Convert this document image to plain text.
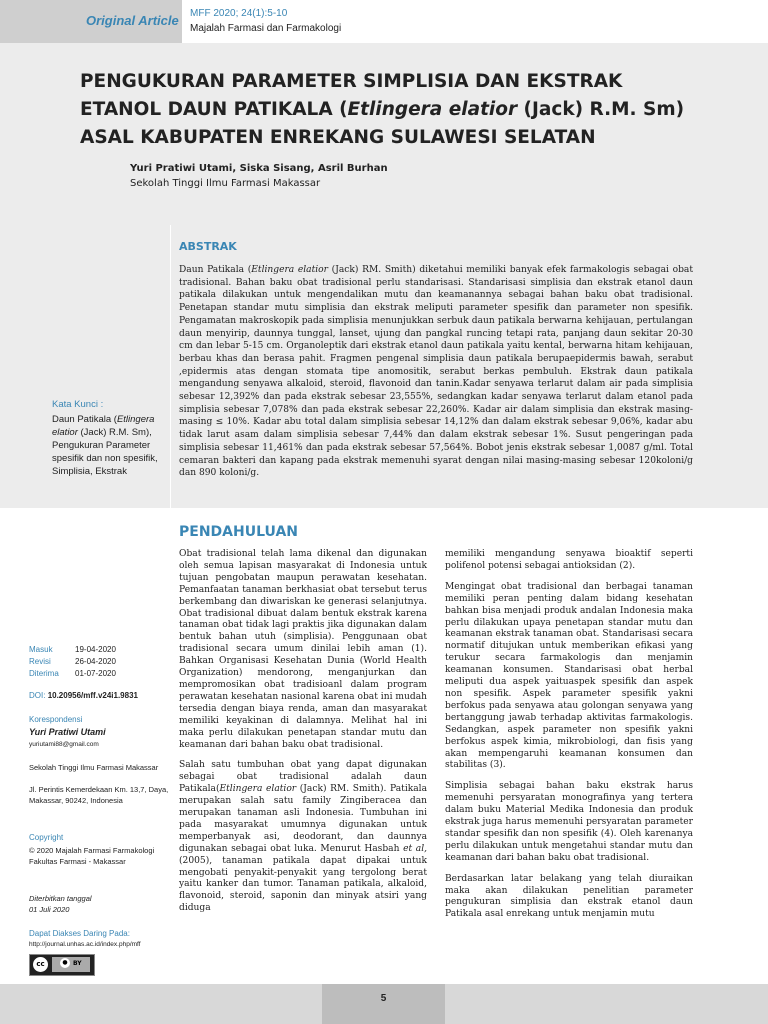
Original Article MFF 2020; 24(1):5-10
Majalah Farmasi dan Farmakologi
PENGUKURAN PARAMETER SIMPLISIA DAN EKSTRAK
ETANOL DAUN PATIKALA (Etlingera elatior (Jack) R.M. Sm)
ASAL KABUPATEN ENREKANG SULAWESI SELATAN
Yuri Pratiwi Utami, Siska Sisang, Asril Burhan
Sekolah Tinggi Ilmu Farmasi Makassar
ABSTRAK
Daun Patikala (Etlingera elatior (Jack) RM. Smith) diketahui memiliki banyak efek farmakologis sebagai obat tradisional. Bahan baku obat tradisional perlu standarisasi. Standarisasi simplisia dan ekstrak etanol daun patikala dilakukan untuk mengendalikan mutu dan keamanannya sebagai bahan baku obat tradisional. Penetapan standar mutu simplisia dan ekstrak meliputi parameter spesifik dan parameter non spesifik. Pengamatan makroskopik pada simplisia menunjukkan serbuk daun patikala berwarna kehijauan, pertulangan daun menyirip, daunnya tunggal, lanset, ujung dan pangkal runcing tetapi rata, panjang daun sekitar 20-30 cm dan lebar 5-15 cm. Organoleptik dari ekstrak etanol daun patikala yaitu kental, berwarna hitam kehijauan, berbau khas dan berasa pahit. Fragmen pengenal simplisia daun patikala berupaepidermis bawah, serabut ,epidermis atas dengan stomata tipe anomositik, serabut berkas pembuluh. Ekstrak daun patikala mengandung senyawa alkaloid, steroid, flavonoid dan tanin.Kadar senyawa terlarut dalam air pada simplisia sebesar 12,392% dan pada ekstrak sebesar 23,555%, sedangkan kadar senyawa terlarut dalam etanol pada simplisia sebesar 7,078% dan pada ekstrak sebesar 22,260%. Kadar air dalam simplisia dan ekstrak masing-masing ≤ 10%. Kadar abu total dalam simplisia sebesar 14,12% dan dalam ekstrak sebesar 9,06%, kadar abu tidak larut asam dalam simplisia sebesar 7,44% dan dalam ekstrak sebesar 1%. Susut pengeringan pada simplisia sebesar 11,461% dan pada ekstrak sebesar 57,564%. Bobot jenis ekstrak sebesar 1,0087 g/ml. Total cemaran bakteri dan kapang pada ekstrak memenuhi syarat dengan nilai masing-masing sebesar 120koloni/g dan 890 koloni/g.
Kata Kunci :
Daun Patikala (Etlingera elatior (Jack) R.M. Sm), Pengukuran Parameter spesifik dan non spesifik, Simplisia, Ekstrak
Masuk	19-04-2020
Revisi	26-04-2020
Diterima 01-07-2020
DOI: 10.20956/mff.v24i1.9831
Korespondensi
Yuri Pratiwi Utami
yuriutami88@gmail.com
Sekolah Tinggi Ilmu Farmasi Makassar
Jl. Perintis Kemerdekaan Km. 13,7, Daya, Makassar, 90242, Indonesia
Copyright
© 2020 Majalah Farmasi Farmakologi Fakultas Farmasi - Makassar
Diterbitkan tanggal
01 Juli 2020
Dapat Diakses Daring Pada:
http://journal.unhas.ac.id/index.php/mff
cc	● BY
PENDAHULUAN

Obat tradisional telah lama dikenal dan digunakan oleh semua lapisan masyarakat di Indonesia untuk tujuan pengobatan maupun perawatan kesehatan. Pemanfaatan tanaman berkhasiat obat tersebut terus berkembang dan diwariskan ke generasi selanjutnya. Obat tradisional dibuat dalam bentuk ekstrak karena tanaman obat tidak lagi praktis jika digunakan dalam bentuk bahan utuh (simplisia). Penggunaan obat tradisional secara umum dinilai lebih aman (1). Bahkan Organisasi Kesehatan Dunia (World Health Organization) mendorong, menganjurkan dan mempromosikan obat tradisioanl dalam program perawatan kesehatan nasional karena obat ini mudah tersedia dengan biaya renda, aman dan masyarakat memiliki keyakinan di dalamnya. Melihat hal ini maka perlu dilakukan penetapan standar mutu dan keamanan dari bahan baku obat tradisional.

Salah satu tumbuhan obat yang dapat digunakan sebagai obat tradisional adalah daun Patikala(Etlingera elatior (Jack) RM. Smith). Patikala merupakan salah satu family Zingiberacea dan merupakan tanaman asli Indonesia. Tumbuhan ini pada masyarakat umumnya digunakan untuk memperbanyak asi, deodorant, dan daunnya digunakan sebagai obat luka. Menurut Hasbah et al, (2005), tanaman patikala dapat dipakai untuk mengobati penyakit-penyakit yang tergolong berat yaitu kanker dan tumor. Tanaman patikala, alkaloid, flavonoid, steroid, saponin dan minyak atsiri yang diduga

memiliki mengandung senyawa bioaktif seperti polifenol potensi sebagai antioksidan (2).

Mengingat obat tradisional dan berbagai tanaman memiliki peran penting dalam bidang kesehatan bahkan bisa menjadi produk andalan Indonesia maka perlu dilakukan upaya penetapan standar mutu dan keamanan ekstrak tanaman obat. Standarisasi secara normatif ditujukan untuk memberikan efikasi yang terukur secara farmakologis dan menjamin keamanan konsumen. Standarisasi obat herbal meliputi dua aspek yaituaspek spesifik dan aspek non spesifik. Aspek parameter spesifik yakni berfokus pada senyawa atau golongan senyawa yang bertanggung jawab terhadap aktivitas farmakologis. Sedangkan, aspek parameter non spesifik yakni berfokus aspek kimia, mikrobiologi, dan fisis yang akan mempengaruhi keamanan konsumen dan stabilitas (3).

Simplisia sebagai bahan baku ekstrak harus memenuhi persyaratan monografinya yang tertera dalam buku Material Medika Indonesia dan produk ekstrak juga harus memenuhi persyaratan parameter standar spesifik dan non spesifik (4). Oleh karenanya perlu dilakukan untuk mengetahui standar mutu dan keamanan dari bahan baku obat tradisional.

Berdasarkan latar belakang yang telah diuraikan maka akan dilakukan penelitian parameter pengukuran simplisia dan ekstrak etanol daun Patikala asal enrekang untuk menjamin mutu

5
